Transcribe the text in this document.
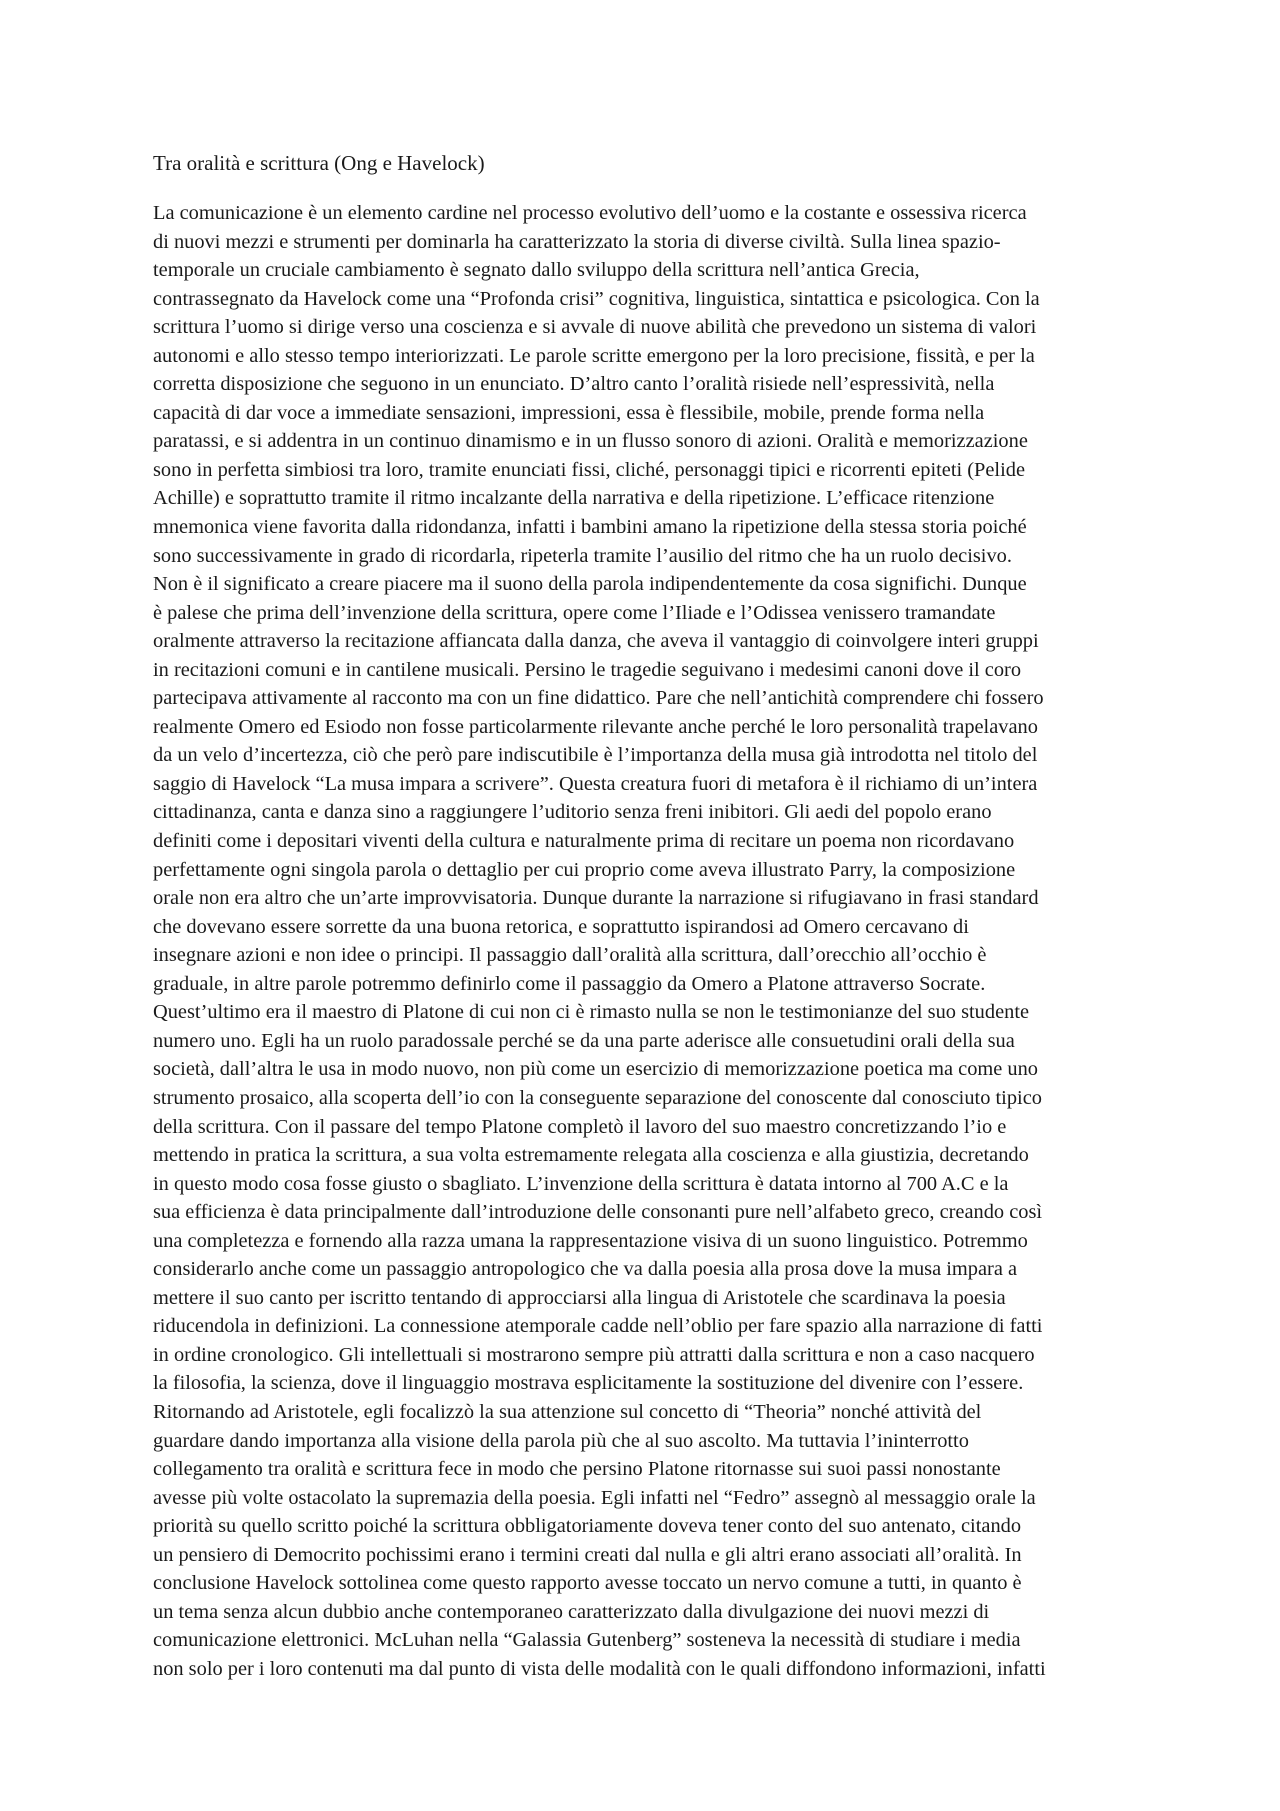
Tra oralità e scrittura (Ong e Havelock)
La comunicazione è un elemento cardine nel processo evolutivo dell’uomo e la costante e ossessiva ricerca
di nuovi mezzi e strumenti per dominarla ha caratterizzato la storia di diverse civiltà. Sulla linea spazio-
temporale un cruciale cambiamento è segnato dallo sviluppo della scrittura nell’antica Grecia,
contrassegnato da Havelock come una “Profonda crisi” cognitiva, linguistica, sintattica e psicologica. Con la
scrittura l’uomo si dirige verso una coscienza e si avvale di nuove abilità che prevedono un sistema di valori
autonomi e allo stesso tempo interiorizzati. Le parole scritte emergono per la loro precisione, fissità, e per la
corretta disposizione che seguono in un enunciato. D’altro canto l’oralità risiede nell’espressività, nella
capacità di dar voce a immediate sensazioni, impressioni, essa è flessibile, mobile, prende forma nella
paratassi, e si addentra in un continuo dinamismo e in un flusso sonoro di azioni. Oralità e memorizzazione
sono in perfetta simbiosi tra loro, tramite enunciati fissi, cliché, personaggi tipici e ricorrenti epiteti (Pelide
Achille) e soprattutto tramite il ritmo incalzante della narrativa e della ripetizione. L’efficace ritenzione
mnemonica viene favorita dalla ridondanza, infatti i bambini amano la ripetizione della stessa storia poiché
sono successivamente in grado di ricordarla, ripeterla tramite l’ausilio del ritmo che ha un ruolo decisivo.
Non è il significato a creare piacere ma il suono della parola indipendentemente da cosa significhi. Dunque
è palese che prima dell’invenzione della scrittura, opere come l’Iliade e l’Odissea venissero tramandate
oralmente attraverso la recitazione affiancata dalla danza, che aveva il vantaggio di coinvolgere interi gruppi
in recitazioni comuni e in cantilene musicali. Persino le tragedie seguivano i medesimi canoni dove il coro
partecipava attivamente al racconto ma con un fine didattico. Pare che nell’antichità comprendere chi fossero
realmente Omero ed Esiodo non fosse particolarmente rilevante anche perché le loro personalità trapelavano
da un velo d’incertezza, ciò che però pare indiscutibile è l’importanza della musa già introdotta nel titolo del
saggio di Havelock “La musa impara a scrivere”. Questa creatura fuori di metafora è il richiamo di un’intera
cittadinanza, canta e danza sino a raggiungere l’uditorio senza freni inibitori. Gli aedi del popolo erano
definiti come i depositari viventi della cultura e naturalmente prima di recitare un poema non ricordavano
perfettamente ogni singola parola o dettaglio per cui proprio come aveva illustrato Parry, la composizione
orale non era altro che un’arte improvvisatoria. Dunque durante la narrazione si rifugiavano in frasi standard
che dovevano essere sorrette da una buona retorica, e soprattutto ispirandosi ad Omero cercavano di
insegnare azioni e non idee o principi. Il passaggio dall’oralità alla scrittura, dall’orecchio all’occhio è
graduale, in altre parole potremmo definirlo come il passaggio da Omero a Platone attraverso Socrate.
Quest’ultimo era il maestro di Platone di cui non ci è rimasto nulla se non le testimonianze del suo studente
numero uno. Egli ha un ruolo paradossale perché se da una parte aderisce alle consuetudini orali della sua
società, dall’altra le usa in modo nuovo, non più come un esercizio di memorizzazione poetica ma come uno
strumento prosaico, alla scoperta dell’io con la conseguente separazione del conoscente dal conosciuto tipico
della scrittura. Con il passare del tempo Platone completò il lavoro del suo maestro concretizzando l’io e
mettendo in pratica la scrittura, a sua volta estremamente relegata alla coscienza e alla giustizia, decretando
in questo modo cosa fosse giusto o sbagliato. L’invenzione della scrittura è datata intorno al 700 A.C e la
sua efficienza è data principalmente dall’introduzione delle consonanti pure nell’alfabeto greco, creando così
una completezza e fornendo alla razza umana la rappresentazione visiva di un suono linguistico. Potremmo
considerarlo anche come un passaggio antropologico che va dalla poesia alla prosa dove la musa impara a
mettere il suo canto per iscritto tentando di approcciarsi alla lingua di Aristotele che scardinava la poesia
riducendola in definizioni. La connessione atemporale cadde nell’oblio per fare spazio alla narrazione di fatti
in ordine cronologico. Gli intellettuali si mostrarono sempre più attratti dalla scrittura e non a caso nacquero
la filosofia, la scienza, dove il linguaggio mostrava esplicitamente la sostituzione del divenire con l’essere.
Ritornando ad Aristotele, egli focalizzò la sua attenzione sul concetto di “Theoria” nonché attività del
guardare dando importanza alla visione della parola più che al suo ascolto. Ma tuttavia l’ininterrotto
collegamento tra oralità e scrittura fece in modo che persino Platone ritornasse sui suoi passi nonostante
avesse più volte ostacolato la supremazia della poesia. Egli infatti nel “Fedro” assegnò al messaggio orale la
priorità su quello scritto poiché la scrittura obbligatoriamente doveva tener conto del suo antenato, citando
un pensiero di Democrito pochissimi erano i termini creati dal nulla e gli altri erano associati all’oralità. In
conclusione Havelock sottolinea come questo rapporto avesse toccato un nervo comune a tutti, in quanto è
un tema senza alcun dubbio anche contemporaneo caratterizzato dalla divulgazione dei nuovi mezzi di
comunicazione elettronici. McLuhan nella “Galassia Gutenberg” sosteneva la necessità di studiare i media
non solo per i loro contenuti ma dal punto di vista delle modalità con le quali diffondono informazioni, infatti
